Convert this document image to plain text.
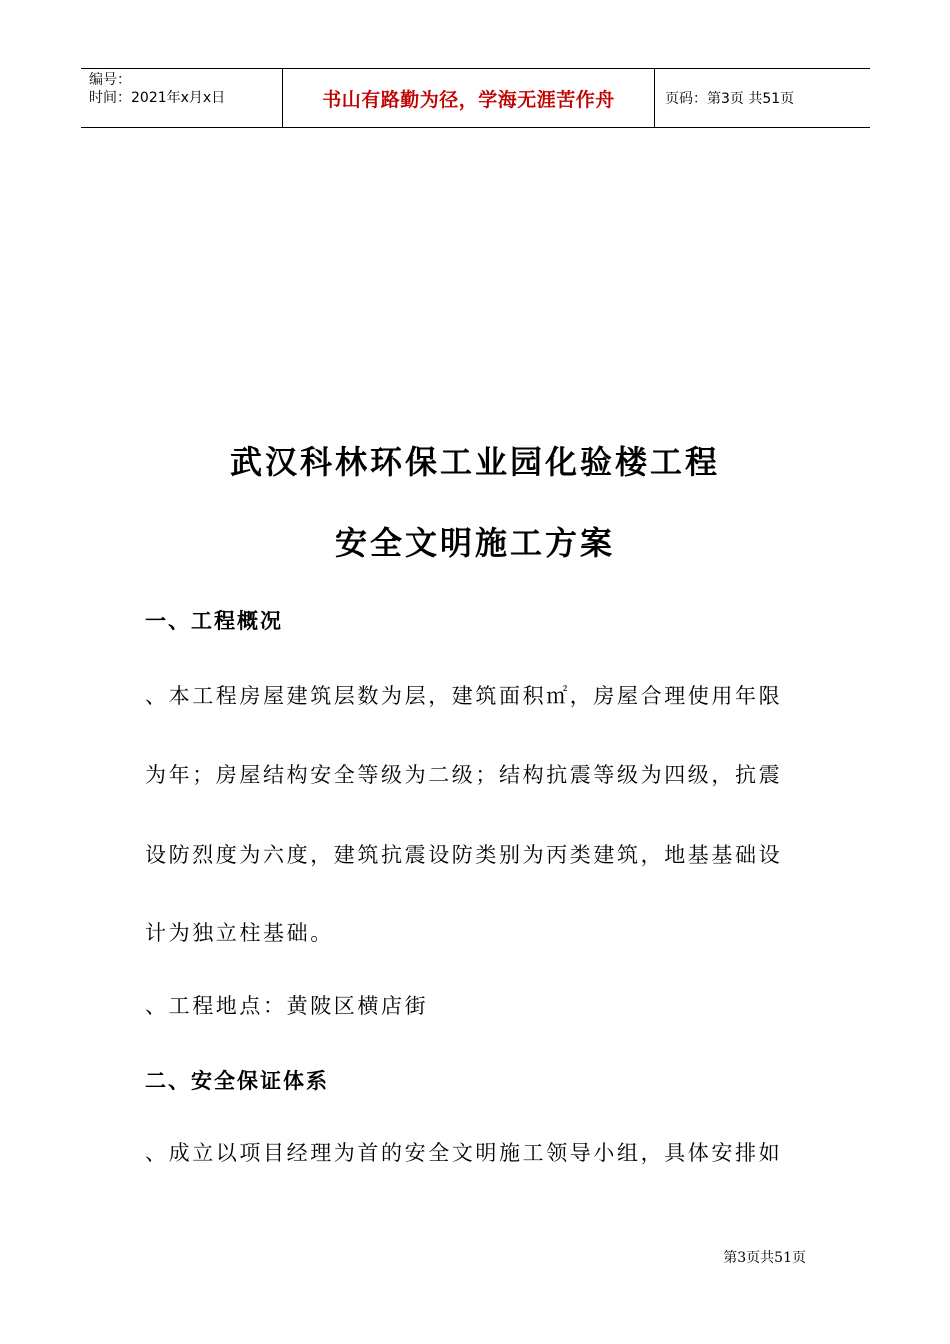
编号：
时间：2021年x月x日	书山有路勤为径，学海无涯苦作舟	页码：第3页 共51页
武汉科林环保工业园化验楼工程
安全文明施工方案
一、工程概况
、本工程房屋建筑层数为层，建筑面积㎡，房屋合理使用年限
为年；房屋结构安全等级为二级；结构抗震等级为四级，抗震
设防烈度为六度，建筑抗震设防类别为丙类建筑，地基基础设
计为独立柱基础。
、工程地点：黄陂区横店街
二、安全保证体系
、成立以项目经理为首的安全文明施工领导小组，具体安排如
第3页共51页
